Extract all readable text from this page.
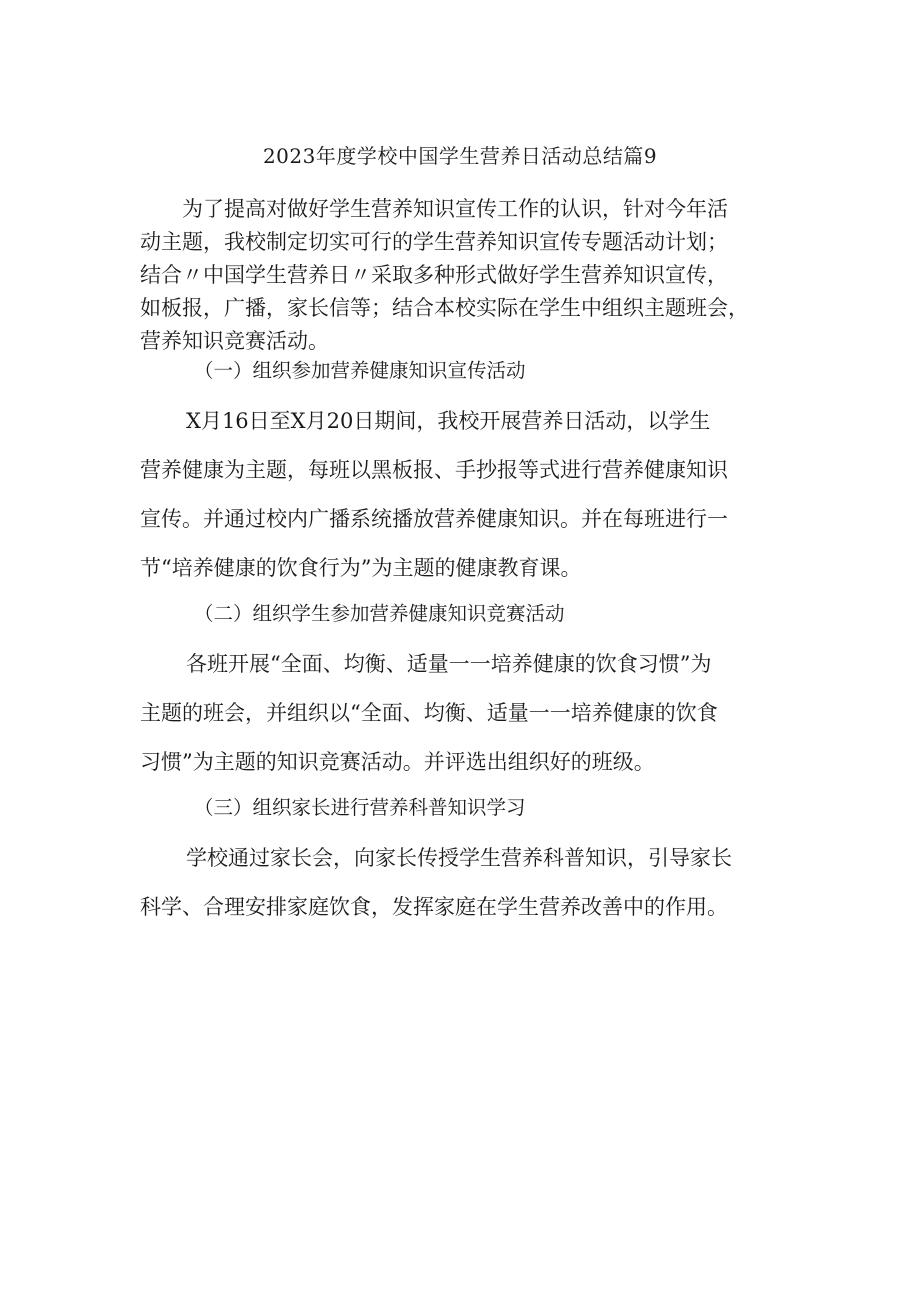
2023年度学校中国学生营养日活动总结篇9
为了提高对做好学生营养知识宣传工作的认识，针对今年活
动主题，我校制定切实可行的学生营养知识宣传专题活动计划；
结合〃中国学生营养日〃采取多种形式做好学生营养知识宣传，
如板报，广播，家长信等；结合本校实际在学生中组织主题班会，
营养知识竞赛活动。
（一）组织参加营养健康知识宣传活动
X月16日至X月20日期间，我校开展营养日活动，以学生
营养健康为主题，每班以黑板报、手抄报等式进行营养健康知识
宣传。并通过校内广播系统播放营养健康知识。并在每班进行一
节“培养健康的饮食行为”为主题的健康教育课。
（二）组织学生参加营养健康知识竞赛活动
各班开展“全面、均衡、适量一一培养健康的饮食习惯”为
主题的班会，并组织以“全面、均衡、适量一一培养健康的饮食
习惯”为主题的知识竞赛活动。并评选出组织好的班级。
（三）组织家长进行营养科普知识学习
学校通过家长会，向家长传授学生营养科普知识，引导家长
科学、合理安排家庭饮食，发挥家庭在学生营养改善中的作用。
